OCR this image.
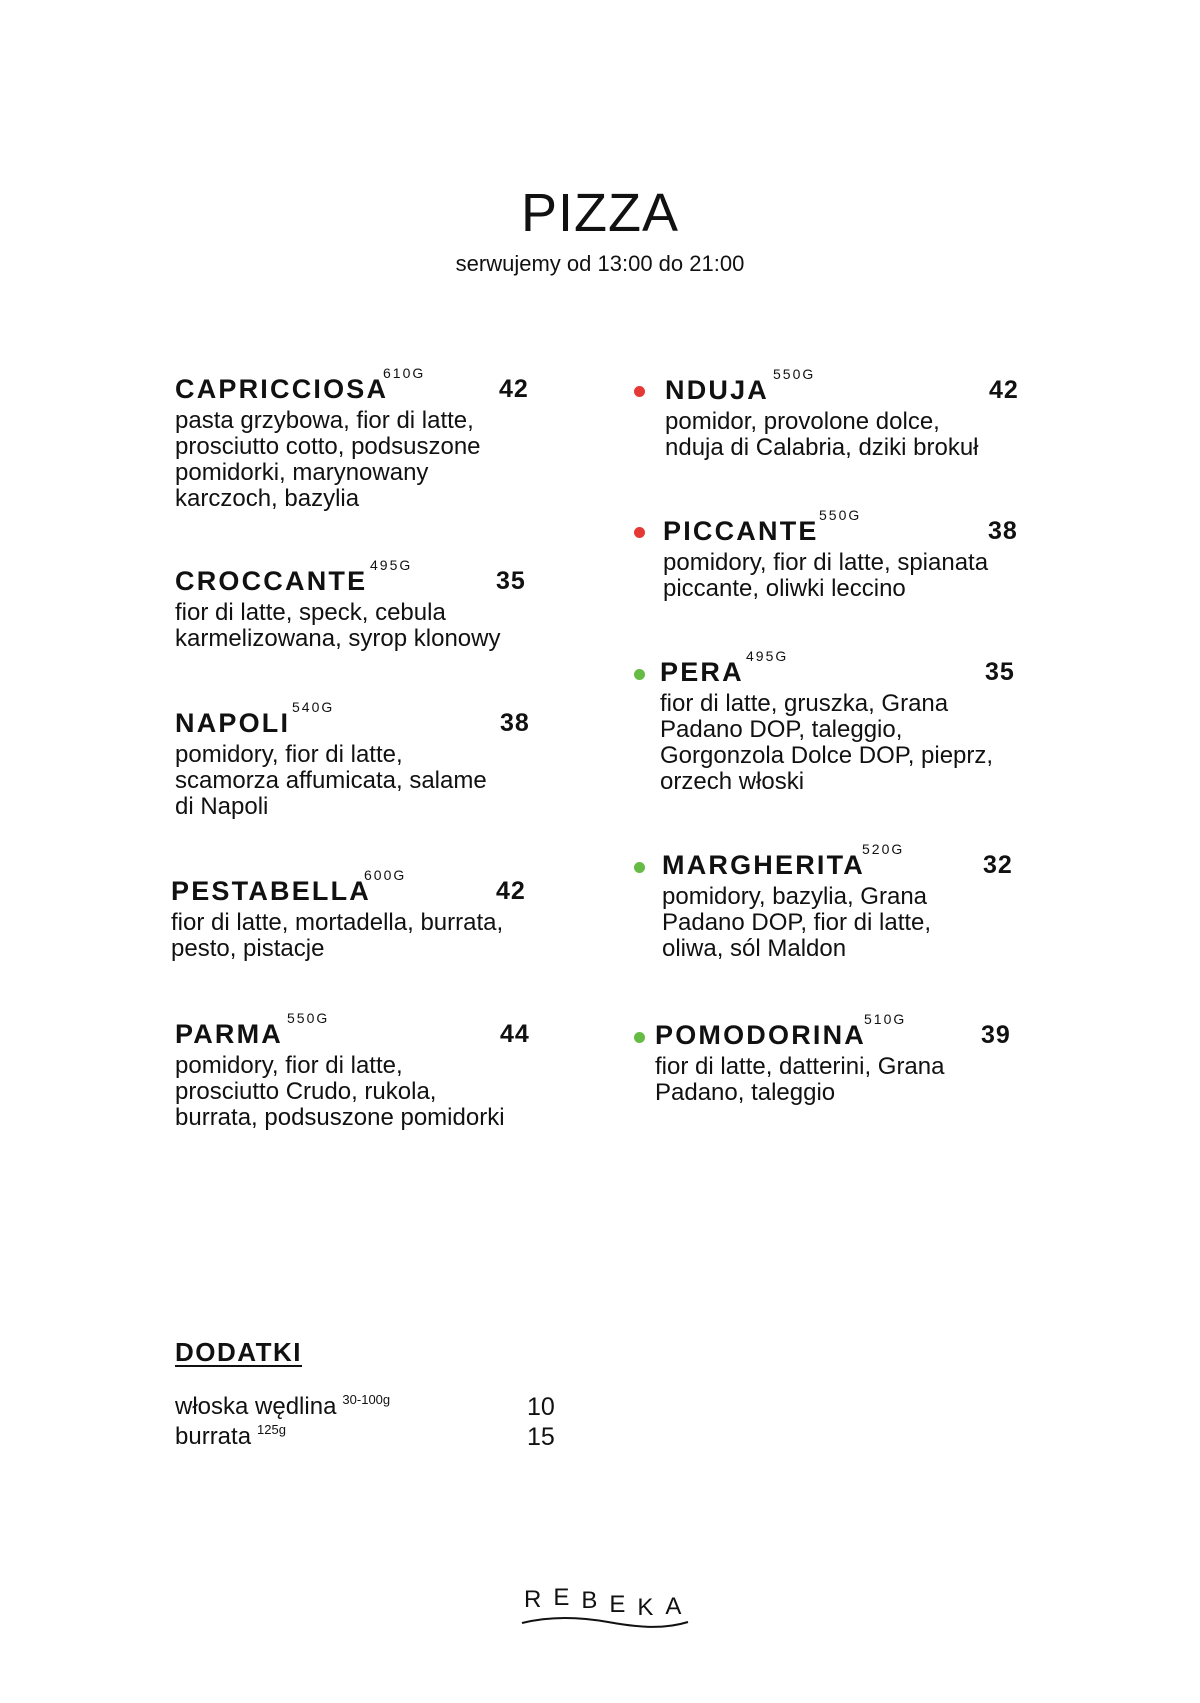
PIZZA
serwujemy od 13:00 do 21:00
CAPRICCIOSA
610G
42
pasta grzybowa, fior di latte,
prosciutto cotto, podsuszone
pomidorki, marynowany
karczoch, bazylia
CROCCANTE
495G
35
fior di latte, speck, cebula
karmelizowana, syrop klonowy
NAPOLI
540G
38
pomidory, fior di latte,
scamorza affumicata, salame
di Napoli
PESTABELLA
600G
42
fior di latte, mortadella, burrata,
pesto, pistacje
PARMA
550G
44
pomidory, fior di latte,
prosciutto Crudo, rukola,
burrata, podsuszone pomidorki
NDUJA
550G
42
pomidor, provolone dolce,
nduja di Calabria, dziki brokuł
PICCANTE
550G
38
pomidory, fior di latte, spianata
piccante, oliwki leccino
PERA
495G
35
fior di latte, gruszka, Grana
Padano DOP, taleggio,
Gorgonzola Dolce DOP, pieprz,
orzech włoski
MARGHERITA
520G
32
pomidory, bazylia, Grana
Padano DOP, fior di latte,
oliwa, sól Maldon
POMODORINA
510G
39
fior di latte, datterini, Grana
Padano, taleggio
DODATKI
włoska wędlina $^{30-100g}$	10
burrata $^{125g}$	15
R E B E K A
